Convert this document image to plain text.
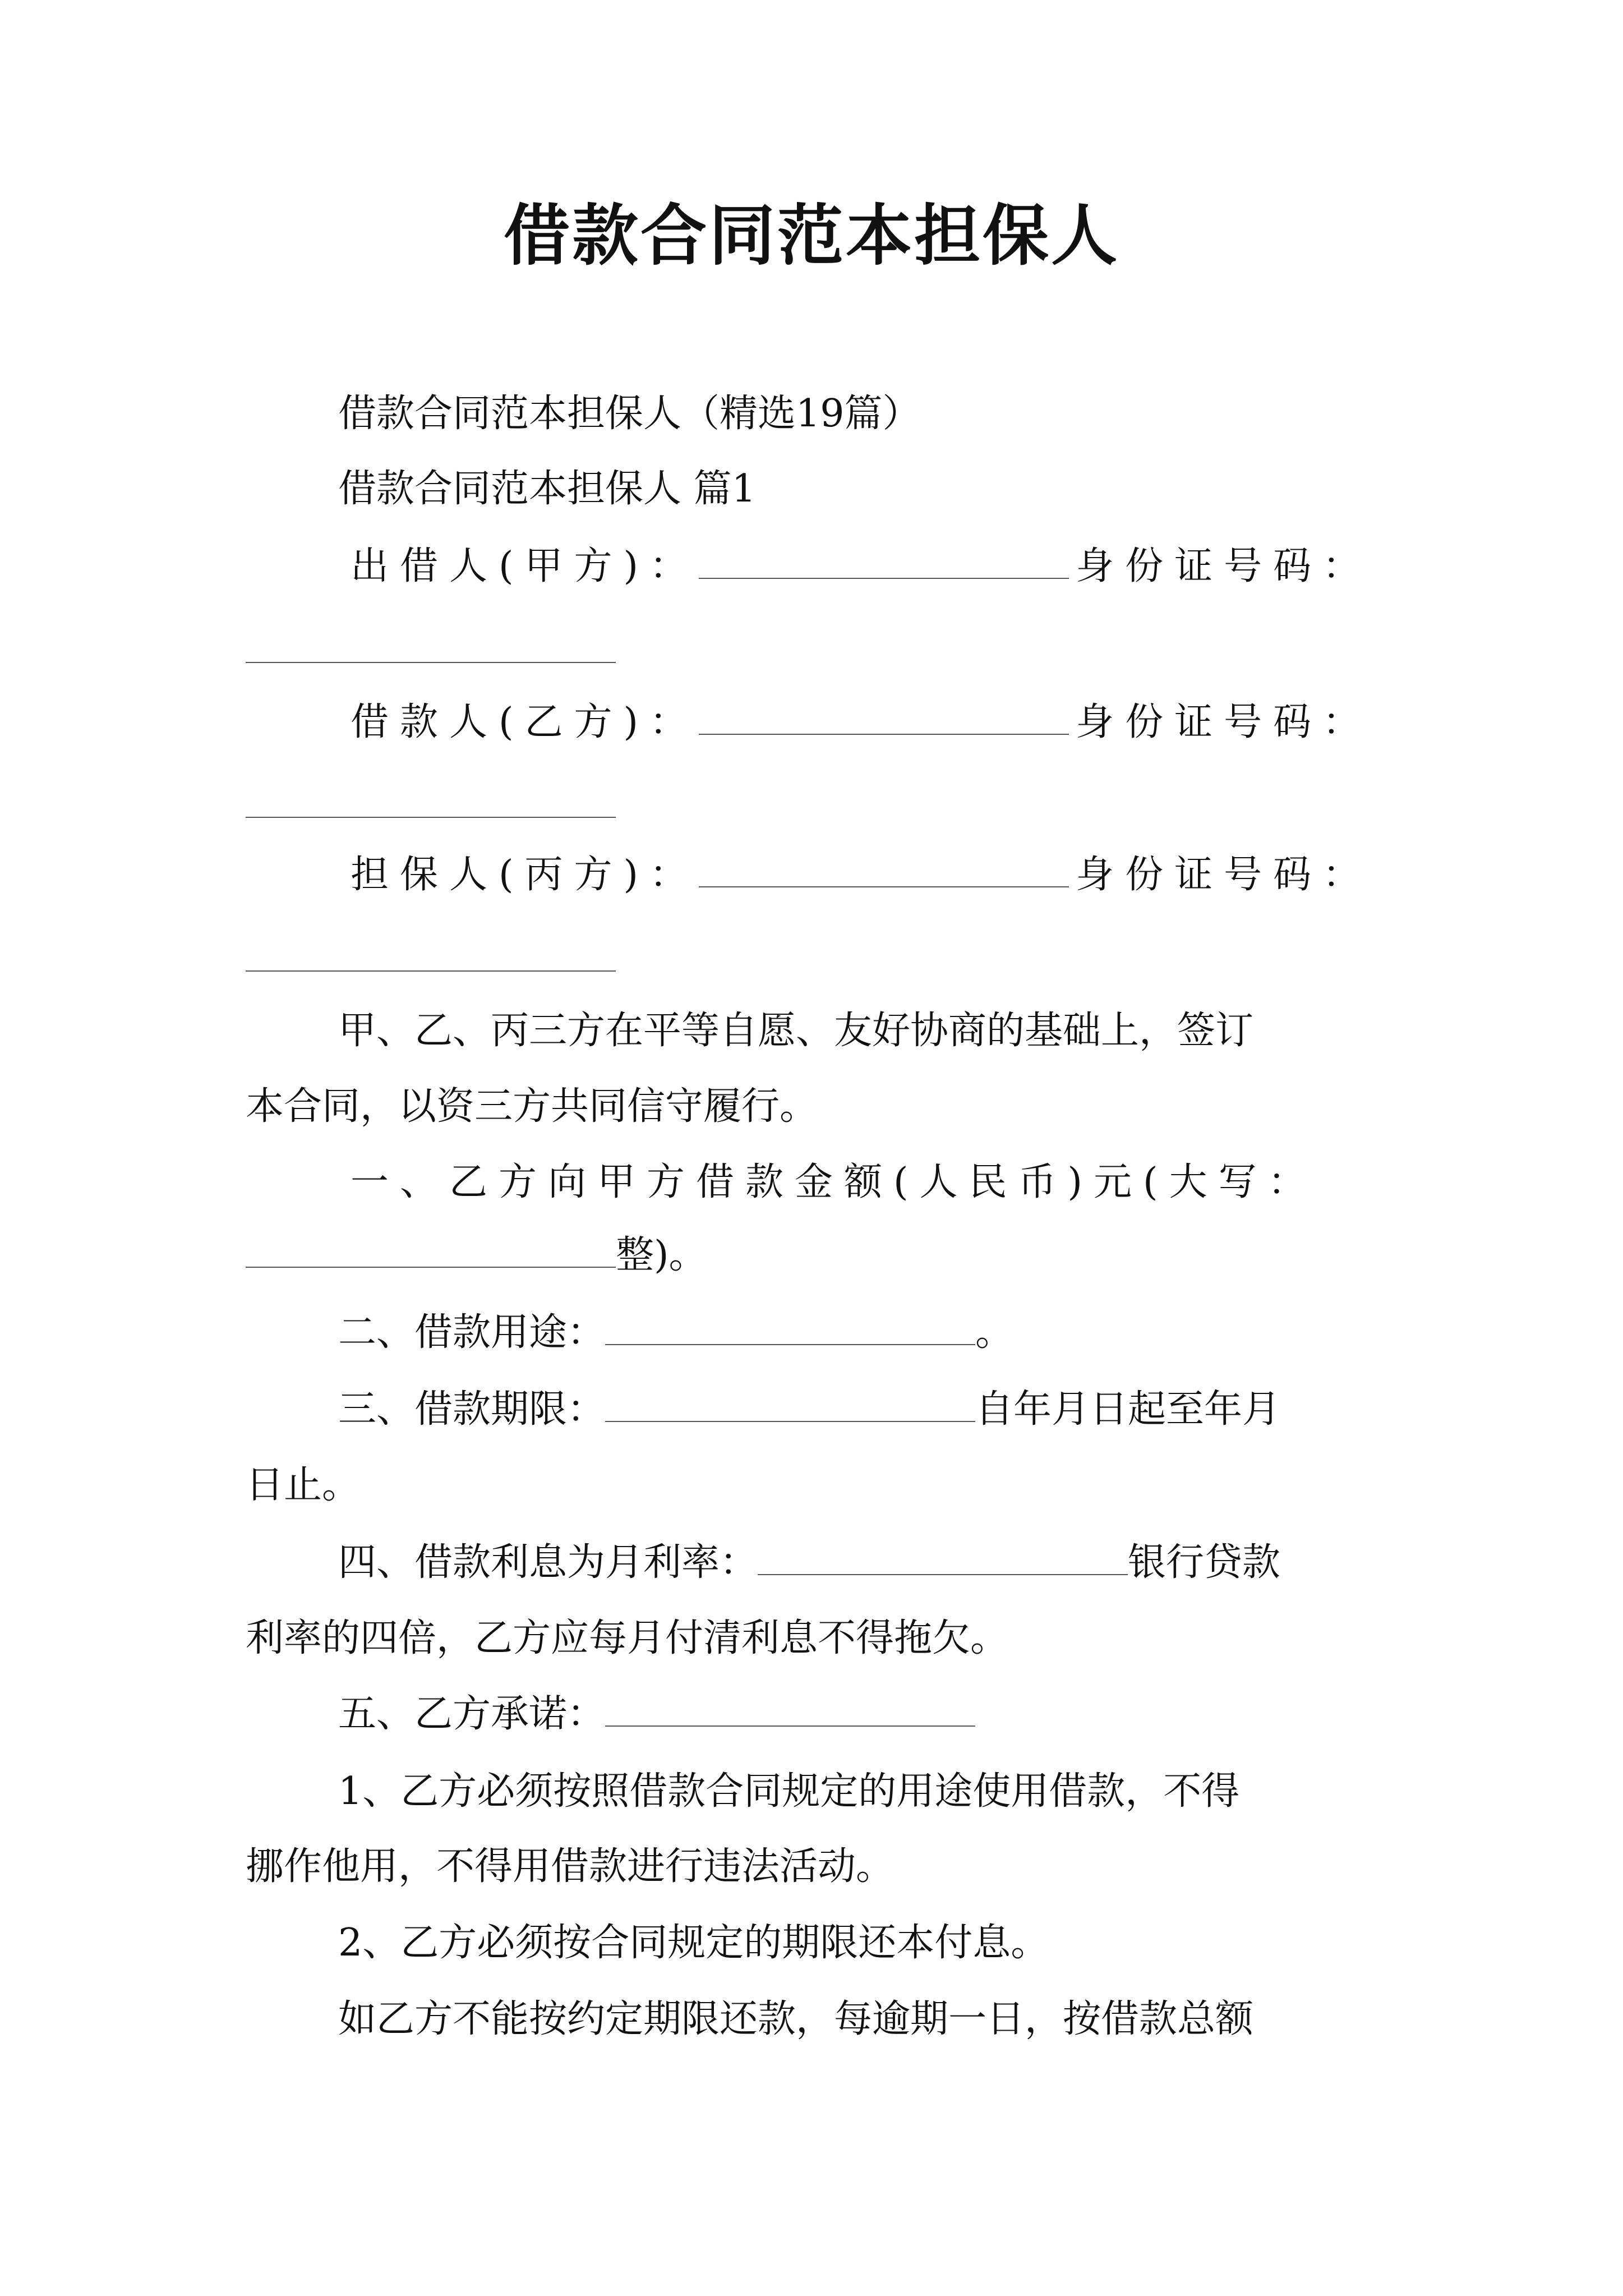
借款合同范本担保人
借款合同范本担保人（精选19篇）
借款合同范本担保人 篇1
出借人(甲方)：	身份证号码：
借款人(乙方)：	身份证号码：
担保人(丙方)：	身份证号码：
甲、乙、丙三方在平等自愿、友好协商的基础上，签订
本合同，以资三方共同信守履行。
一、乙方向甲方借款金额(人民币)元(大写：
整)。
二、借款用途：	。
三、借款期限：	自年月日起至年月
日止。
四、借款利息为月利率：	银行贷款
利率的四倍，乙方应每月付清利息不得拖欠。
五、乙方承诺：
1、乙方必须按照借款合同规定的用途使用借款，不得
挪作他用，不得用借款进行违法活动。
2、乙方必须按合同规定的期限还本付息。
如乙方不能按约定期限还款，每逾期一日，按借款总额
